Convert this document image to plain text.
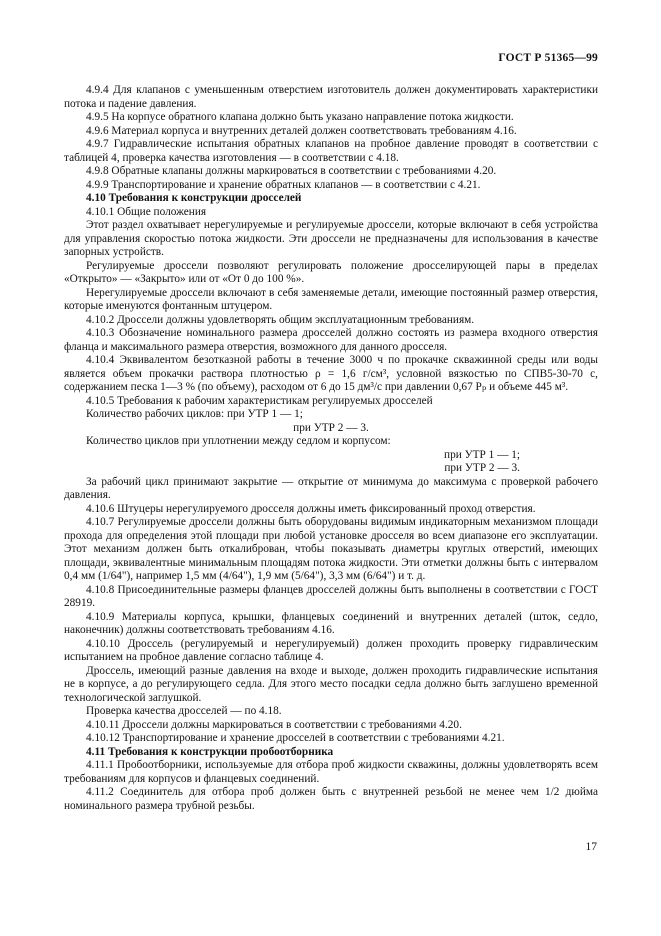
ГОСТ Р 51365—99

4.9.4 Для клапанов с уменьшенным отверстием изготовитель должен документировать характеристики потока и падение давления.

4.9.5 На корпусе обратного клапана должно быть указано направление потока жидкости.

4.9.6 Материал корпуса и внутренних деталей должен соответствовать требованиям 4.16.

4.9.7 Гидравлические испытания обратных клапанов на пробное давление проводят в соответствии с таблицей 4, проверка качества изготовления — в соответствии с 4.18.

4.9.8 Обратные клапаны должны маркироваться в соответствии с требованиями 4.20.

4.9.9 Транспортирование и хранение обратных клапанов — в соответствии с 4.21.

4.10 Требования к конструкции дросселей

4.10.1 Общие положения

Этот раздел охватывает нерегулируемые и регулируемые дроссели, которые включают в себя устройства для управления скоростью потока жидкости. Эти дроссели не предназначены для использования в качестве запорных устройств.

Регулируемые дроссели позволяют регулировать положение дросселирующей пары в пределах «Открыто» — «Закрыто» или от «От 0 до 100 %».

Нерегулируемые дроссели включают в себя заменяемые детали, имеющие постоянный размер отверстия, которые именуются фонтанным штуцером.

4.10.2 Дроссели должны удовлетворять общим эксплуатационным требованиям.

4.10.3 Обозначение номинального размера дросселей должно состоять из размера входного отверстия фланца и максимального размера отверстия, возможного для данного дросселя.

4.10.4 Эквивалентом безотказной работы в течение 3000 ч по прокачке скважинной среды или воды является объем прокачки раствора плотностью ρ = 1,6 г/см³, условной вязкостью по СПВ5-30-70 с, содержанием песка 1—3 % (по объему), расходом от 6 до 15 дм³/с при давлении 0,67 Рₚ и объеме 445 м³.

4.10.5 Требования к рабочим характеристикам регулируемых дросселей

Количество рабочих циклов: при УТР 1 — 1;

при УТР 2 — 3.

Количество циклов при уплотнении между седлом и корпусом:

при УТР 1 — 1;

при УТР 2 — 3.

За рабочий цикл принимают закрытие — открытие от минимума до максимума с проверкой рабочего давления.

4.10.6 Штуцеры нерегулируемого дросселя должны иметь фиксированный проход отверстия.

4.10.7 Регулируемые дроссели должны быть оборудованы видимым индикаторным механизмом площади прохода для определения этой площади при любой установке дросселя во всем диапазоне его эксплуатации. Этот механизм должен быть откалиброван, чтобы показывать диаметры круглых отверстий, имеющих площади, эквивалентные минимальным площадям потока жидкости. Эти отметки должны быть с интервалом 0,4 мм (1/64"), например 1,5 мм (4/64"), 1,9 мм (5/64"), 3,3 мм (6/64") и т. д.

4.10.8 Присоединительные размеры фланцев дросселей должны быть выполнены в соответствии с ГОСТ 28919.

4.10.9 Материалы корпуса, крышки, фланцевых соединений и внутренних деталей (шток, седло, наконечник) должны соответствовать требованиям 4.16.

4.10.10 Дроссель (регулируемый и нерегулируемый) должен проходить проверку гидравлическим испытанием на пробное давление согласно таблице 4.

Дроссель, имеющий разные давления на входе и выходе, должен проходить гидравлические испытания не в корпусе, а до регулирующего седла. Для этого место посадки седла должно быть заглушено временной технологической заглушкой.

Проверка качества дросселей — по 4.18.

4.10.11 Дроссели должны маркироваться в соответствии с требованиями 4.20.

4.10.12 Транспортирование и хранение дросселей в соответствии с требованиями 4.21.

4.11 Требования к конструкции пробоотборника

4.11.1 Пробоотборники, используемые для отбора проб жидкости скважины, должны удовлетворять всем требованиям для корпусов и фланцевых соединений.

4.11.2 Соединитель для отбора проб должен быть с внутренней резьбой не менее чем 1/2 дюйма номинального размера трубной резьбы.

17
